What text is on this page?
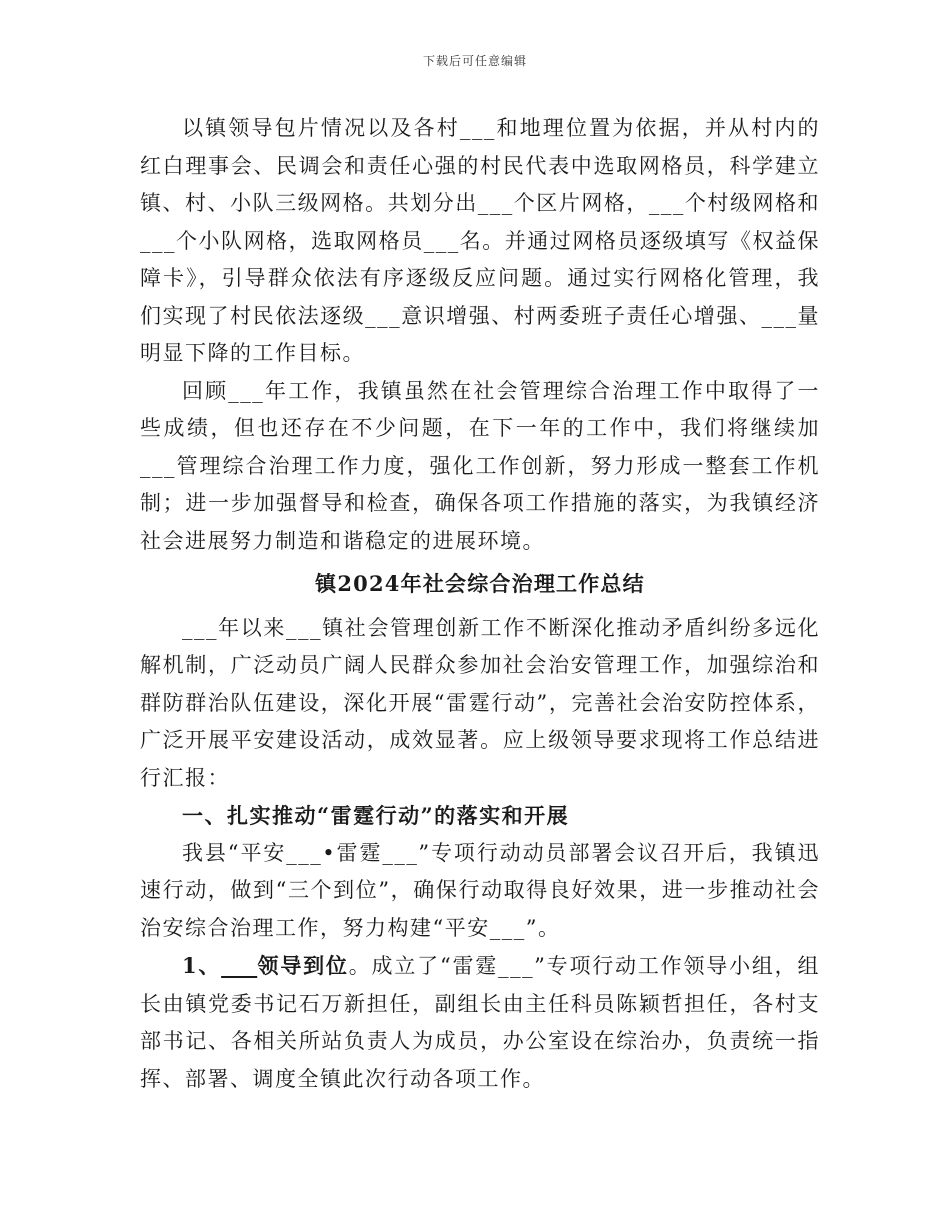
下载后可任意编辑

以镇领导包片情况以及各村___和地理位置为依据，并从村内的红白理事会、民调会和责任心强的村民代表中选取网格员，科学建立镇、村、小队三级网格。共划分出___个区片网格，___个村级网格和___个小队网格，选取网格员___名。并通过网格员逐级填写《权益保障卡》，引导群众依法有序逐级反应问题。通过实行网格化管理，我们实现了村民依法逐级___意识增强、村两委班子责任心增强、___量明显下降的工作目标。

回顾___年工作，我镇虽然在社会管理综合治理工作中取得了一些成绩，但也还存在不少问题，在下一年的工作中，我们将继续加___管理综合治理工作力度，强化工作创新，努力形成一整套工作机制；进一步加强督导和检查，确保各项工作措施的落实，为我镇经济社会进展努力制造和谐稳定的进展环境。

镇2024年社会综合治理工作总结

___年以来___镇社会管理创新工作不断深化推动矛盾纠纷多远化解机制，广泛动员广阔人民群众参加社会治安管理工作，加强综治和群防群治队伍建设，深化开展“雷霆行动”，完善社会治安防控体系，广泛开展平安建设活动，成效显著。应上级领导要求现将工作总结进行汇报：

一、扎实推动“雷霆行动”的落实和开展

我县“平安___•雷霆___”专项行动动员部署会议召开后，我镇迅速行动，做到“三个到位”，确保行动取得良好效果，进一步推动社会治安综合治理工作，努力构建“平安___”。

1、___领导到位。成立了“雷霆___”专项行动工作领导小组，组长由镇党委书记石万新担任，副组长由主任科员陈颖哲担任，各村支部书记、各相关所站负责人为成员，办公室设在综治办，负责统一指挥、部署、调度全镇此次行动各项工作。
